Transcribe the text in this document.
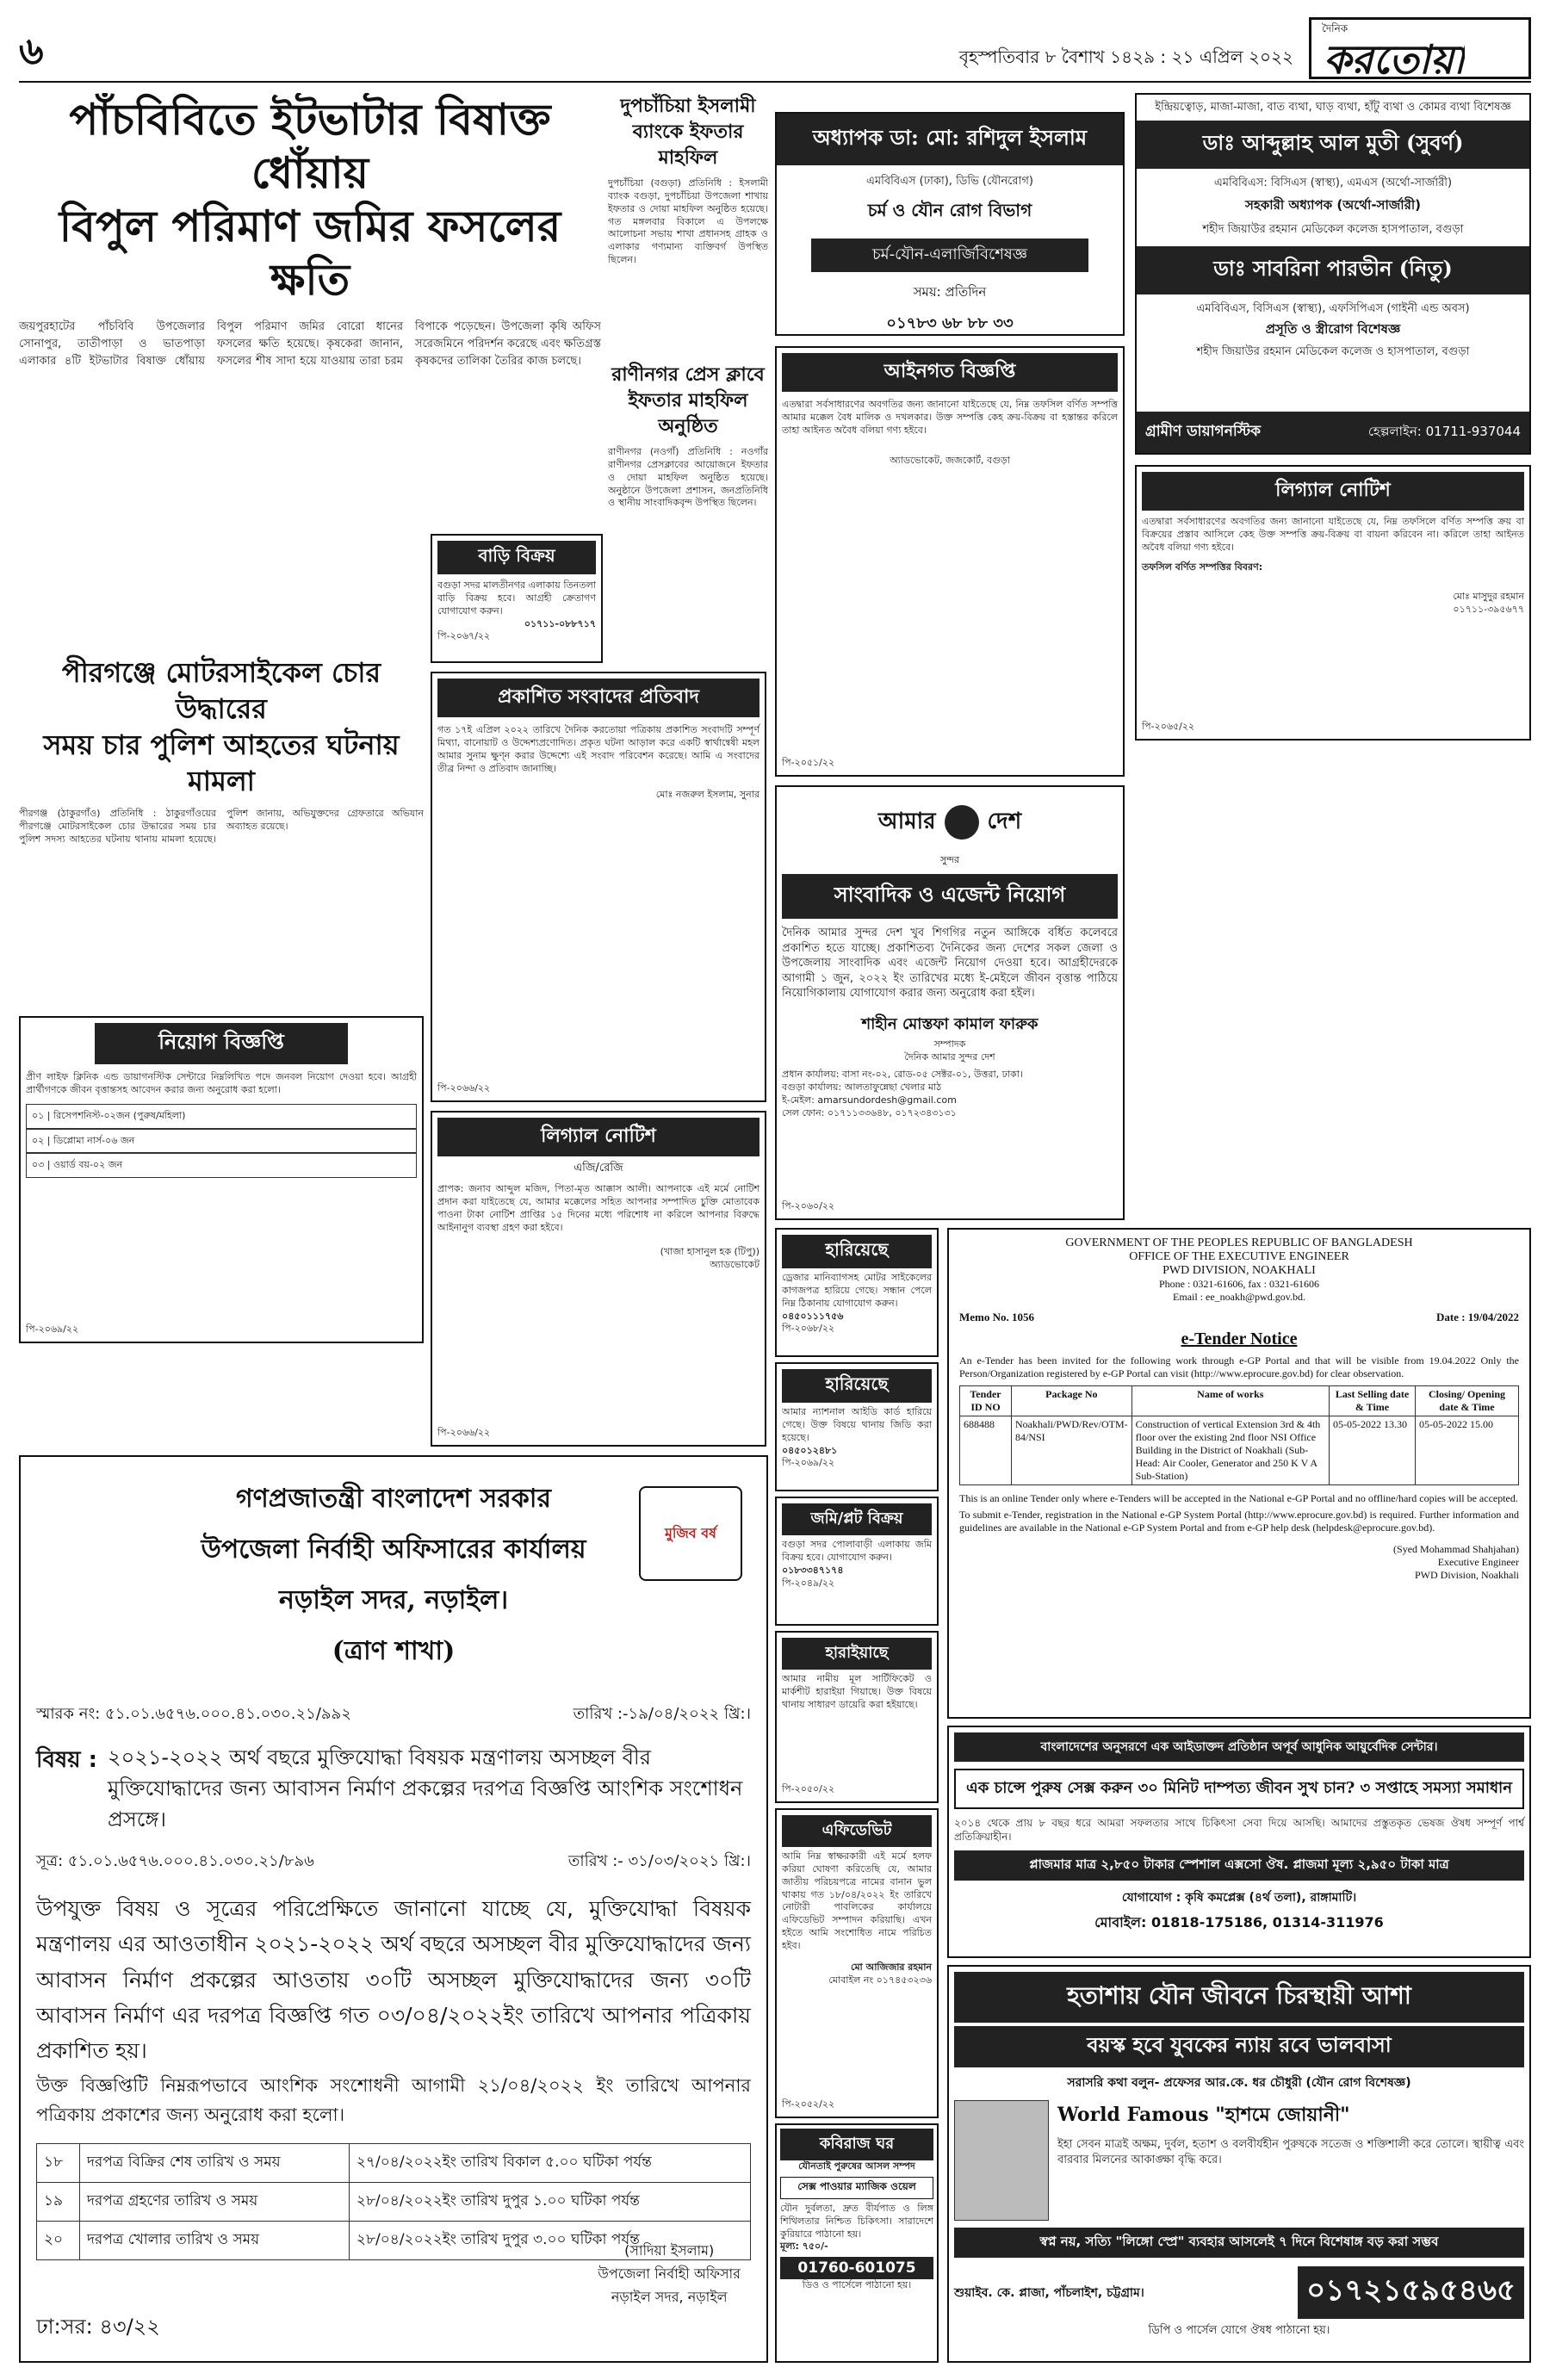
৬	বৃহস্পতিবার ৮ বৈশাখ ১৪২৯ : ২১ এপ্রিল ২০২২
দৈনিক
করতোয়া
পাঁচবিবিতে ইটভাটার বিষাক্ত ধোঁয়ায়
বিপুল পরিমাণ জমির ফসলের ক্ষতি
জয়পুরহাটের পাঁচবিবি উপজেলার সোনাপুর, তাতীপাড়া ও ভাতপাড়া এলাকার ৪টি ইটভাটার বিষাক্ত ধোঁয়ায় বিপুল পরিমাণ জমির বোরো ধানের ফসলের ক্ষতি হয়েছে। কৃষকেরা জানান, ফসলের শীষ সাদা হয়ে যাওয়ায় তারা চরম বিপাকে পড়েছেন। উপজেলা কৃষি অফিস সরেজমিনে পরিদর্শন করেছে এবং ক্ষতিগ্রস্ত কৃষকদের তালিকা তৈরির কাজ চলছে।
দুপচাঁচিয়া ইসলামী ব্যাংকে ইফতার মাহফিল
দুপচাঁচিয়া (বগুড়া) প্রতিনিধি : ইসলামী ব্যাংক বগুড়া, দুপচাঁচিয়া উপজেলা শাখায় ইফতার ও দোয়া মাহফিল অনুষ্ঠিত হয়েছে। গত মঙ্গলবার বিকালে এ উপলক্ষে আলোচনা সভায় শাখা প্রধানসহ গ্রাহক ও এলাকার গণ্যমান্য ব্যক্তিবর্গ উপস্থিত ছিলেন।
রাণীনগর প্রেস ক্লাবে ইফতার মাহফিল অনুষ্ঠিত
রাণীনগর (নওগাঁ) প্রতিনিধি : নওগাঁর রাণীনগর প্রেসক্লাবের আয়োজনে ইফতার ও দোয়া মাহফিল অনুষ্ঠিত হয়েছে। অনুষ্ঠানে উপজেলা প্রশাসন, জনপ্রতিনিধি ও স্থানীয় সাংবাদিকবৃন্দ উপস্থিত ছিলেন।
অধ্যাপক ডা: মো: রশিদুল ইসলাম
এমবিবিএস (ঢাকা), ডিভি (যৌনরোগ)
চর্ম ও যৌন রোগ বিভাগ
চর্ম-যৌন-এলার্জিবিশেষজ্ঞ
সময়: প্রতিদিন
০১৭৮৩ ৬৮ ৮৮ ৩৩
ইন্দ্রিয়ত্বোড়, মাজা-মাজা, বাত ব্যথা, ঘাড় ব্যথা, হাঁটু ব্যথা ও কোমর ব্যথা বিশেষজ্ঞ
ডাঃ আব্দুল্লাহ আল মুতী (সুবর্ণ)
এমবিবিএস: বিসিএস (স্বাস্থ্য), এমএস (অর্থো-সার্জারী)
সহকারী অধ্যাপক (অর্থো-সার্জারী)
শহীদ জিয়াউর রহমান মেডিকেল কলেজ হাসপাতাল, বগুড়া
ডাঃ সাবরিনা পারভীন (নিতু)
এমবিবিএস, বিসিএস (স্বাস্থ্য), এফসিপিএস (গাইনী এন্ড অবস)
প্রসূতি ও স্ত্রীরোগ বিশেষজ্ঞ
শহীদ জিয়াউর রহমান মেডিকেল কলেজ ও হাসপাতাল, বগুড়া
গ্রামীণ ডায়াগনস্টিক	হেল্পলাইন: 01711-937044
আইনগত বিজ্ঞপ্তি
এতদ্বারা সর্বসাধারণের অবগতির জন্য জানানো যাইতেছে যে, নিম্ন তফসিল বর্ণিত সম্পত্তি আমার মক্কেল বৈধ মালিক ও দখলকার। উক্ত সম্পত্তি কেহ ক্রয়-বিক্রয় বা হস্তান্তর করিলে তাহা আইনত অবৈধ বলিয়া গণ্য হইবে।
অ্যাডভোকেট, জজকোর্ট, বগুড়া
পি-২০৫১/২২
লিগ্যাল নোটিশ
এতদ্বারা সর্বসাধারণের অবগতির জন্য জানানো যাইতেছে যে, নিম্ন তফসিলে বর্ণিত সম্পত্তি ক্রয় বা বিক্রয়ের প্রস্তাব আসিলে কেহ উক্ত সম্পত্তি ক্রয়-বিক্রয় বা বায়না করিবেন না। করিলে তাহা আইনত অবৈধ বলিয়া গণ্য হইবে।
তফসিল বর্ণিত সম্পত্তির বিবরণ:
মোঃ মাসুদুর রহমান
০১৭১১-৩৯৫৬৭৭
পি-২০৬৫/২২
পীরগঞ্জে মোটরসাইকেল চোর উদ্ধারের
সময় চার পুলিশ আহতের ঘটনায় মামলা
পীরগঞ্জ (ঠাকুরগাঁও) প্রতিনিধি : ঠাকুরগাঁওয়ের পীরগঞ্জে মোটরসাইকেল চোর উদ্ধারের সময় চার পুলিশ সদস্য আহতের ঘটনায় থানায় মামলা হয়েছে। পুলিশ জানায়, অভিযুক্তদের গ্রেফতারে অভিযান অব্যাহত রয়েছে।
বাড়ি বিক্রয়
বগুড়া সদর মালতীনগর এলাকায় তিনতলা বাড়ি বিক্রয় হবে। আগ্রহী ক্রেতাগণ যোগাযোগ করুন।
০১৭১১-০৮৮৭১৭
পি-২০৬৭/২২
প্রকাশিত সংবাদের প্রতিবাদ
গত ১৭ই এপ্রিল ২০২২ তারিখে দৈনিক করতোয়া পত্রিকায় প্রকাশিত সংবাদটি সম্পূর্ণ মিথ্যা, বানোয়াট ও উদ্দেশ্যপ্রণোদিত। প্রকৃত ঘটনা আড়াল করে একটি স্বার্থান্বেষী মহল আমার সুনাম ক্ষুণ্ন করার উদ্দেশ্যে এই সংবাদ পরিবেশন করেছে। আমি এ সংবাদের তীব্র নিন্দা ও প্রতিবাদ জানাচ্ছি।
মোঃ নজরুল ইসলাম, সুনার
পি-২০৬৬/২২
নিয়োগ বিজ্ঞপ্তি
প্রীণ লাইফ ক্লিনিক এন্ড ডায়াগনস্টিক সেন্টারে নিম্নলিখিত পদে জনবল নিয়োগ দেওয়া হবে। আগ্রহী প্রার্থীগণকে জীবন বৃত্তান্তসহ আবেদন করার জন্য অনুরোধ করা হলো।
০১ | রিসেপশনিস্ট-০২জন (পুরুষ/মহিলা)
০২ | ডিপ্লোমা নার্স-০৬ জন
০৩ | ওয়ার্ড বয়-০২ জন
পি-২০৬৯/২২
লিগ্যাল নোটিশ
এজি/রেজি
প্রাপক: জনাব আব্দুল মজিদ, পিতা-মৃত আক্কাস আলী। আপনাকে এই মর্মে নোটিশ প্রদান করা যাইতেছে যে, আমার মক্কেলের সহিত আপনার সম্পাদিত চুক্তি মোতাবেক পাওনা টাকা নোটিশ প্রাপ্তির ১৫ দিনের মধ্যে পরিশোধ না করিলে আপনার বিরুদ্ধে আইনানুগ ব্যবস্থা গ্রহণ করা হইবে।
(খাজা হাসানুল হক (টিপু))
অ্যাডভোকেট
পি-২০৬৬/২২
আমার দেশ
সুন্দর
সাংবাদিক ও এজেন্ট নিয়োগ
দৈনিক আমার সুন্দর দেশ খুব শিগগির নতুন আঙ্গিকে বর্ধিত কলেবরে প্রকাশিত হতে যাচ্ছে। প্রকাশিতব্য দৈনিকের জন্য দেশের সকল জেলা ও উপজেলায় সাংবাদিক এবং এজেন্ট নিয়োগ দেওয়া হবে। আগ্রহীদেরকে আগামী ১ জুন, ২০২২ ইং তারিখের মধ্যে ই-মেইলে জীবন বৃত্তান্ত পাঠিয়ে নিয়োগিকালায় যোগাযোগ করার জন্য অনুরোধ করা হইল।
শাহীন মোস্তফা কামাল ফারুক
সম্পাদক
দৈনিক আমার সুন্দর দেশ
প্রধান কার্যালয়: বাসা নং-০২, রোড-০৫ সেক্টর-০১, উত্তরা, ঢাকা।
বগুড়া কার্যালয়: আলতাফুন্নেছা খেলার মাঠ
ই-মেইল: amarsundordesh@gmail.com
সেল ফোন: ০১৭১১৩৩৬৪৮, ০১৭২৩৪৩১৩১
পি-২০৬০/২২
হারিয়েছে
ড্রেজার মানিব্যাগসহ মোটর সাইকেলের কাগজপত্র হারিয়ে গেছে। সন্ধান পেলে নিম্ন ঠিকানায় যোগাযোগ করুন।
০৪৫০১১১৭৫৬
পি-২০৬৮/২২
হারিয়েছে
আমার ন্যাশনাল আইডি কার্ড হারিয়ে গেছে। উক্ত বিষয়ে থানায় জিডি করা হয়েছে।
০৪৫০১২৪৮১
পি-২০৬৯/২২
জমি/প্লট বিক্রয়
বগুড়া সদর পোলাবাড়ী এলাকায় জমি বিক্রয় হবে। যোগাযোগ করুন।
০১৮৩৩৪৭১৭৪
পি-২০৪৯/২২
হারাইয়াছে
আমার নামীয় মূল সার্টিফিকেট ও মার্কশীট হারাইয়া গিয়াছে। উক্ত বিষয়ে থানায় সাধারণ ডায়েরি করা হইয়াছে।
পি-২০৫০/২২
এফিডেভিট
আমি নিম্ন স্বাক্ষরকারী এই মর্মে হলফ করিয়া ঘোষণা করিতেছি যে, আমার জাতীয় পরিচয়পত্রে নামের বানান ভুল থাকায় গত ১৮/০৪/২০২২ ইং তারিখে নোটারী পাবলিকের কার্যালয়ে এফিডেভিট সম্পাদন করিয়াছি। এখন হইতে আমি সংশোধিত নামে পরিচিত হইব।
মো আজিজার রহমান
মোবাইল নং ০১৭৪৫৩২৩৬
পি-২০৫২/২২
কবিরাজ ঘর
যৌনতাই পুরুষের আসল সম্পদ
সেক্স পাওয়ার ম্যাজিক ওয়েল
যৌন দুর্বলতা, দ্রুত বীর্যপাত ও লিঙ্গ শিথিলতার নিশ্চিত চিকিৎসা। সারাদেশে কুরিয়ারে পাঠানো হয়।
মূল্য: ৭৫০/-
01760-601075
ডিও ও পার্সেলে পাঠানো হয়।
GOVERNMENT OF THE PEOPLES REPUBLIC OF BANGLADESH
OFFICE OF THE EXECUTIVE ENGINEER
PWD DIVISION, NOAKHALI
Phone : 0321-61606, fax : 0321-61606
Email : ee_noakh@pwd.gov.bd.
Memo No. 1056	Date : 19/04/2022
e-Tender Notice
An e-Tender has been invited for the following work through e-GP Portal and that will be visible from 19.04.2022 Only the Person/Organization registered by e-GP Portal can visit (http://www.eprocure.gov.bd) for clear observation.
Tender ID NO	Package No	Name of works	Last Selling date & Time	Closing/ Opening date & Time
688488	Noakhali/PWD/Rev/OTM-84/NSI	Construction of vertical Extension 3rd & 4th floor over the existing 2nd floor NSI Office Building in the District of Noakhali (Sub-Head: Air Cooler, Generator and 250 K V A Sub-Station)	05-05-2022 13.30	05-05-2022 15.00
This is an online Tender only where e-Tenders will be accepted in the National e-GP Portal and no offline/hard copies will be accepted.
To submit e-Tender, registration in the National e-GP System Portal (http://www.eprocure.gov.bd) is required. Further information and guidelines are available in the National e-GP System Portal and from e-GP help desk (helpdesk@eprocure.gov.bd).
(Syed Mohammad Shahjahan)
Executive Engineer
PWD Division, Noakhali
বাংলাদেশের অনুসরণে এক আইডাক্তদ প্রতিষ্ঠান অপূর্ব আধুনিক আয়ুর্বেদিক সেন্টার।
এক চান্সে পুরুষ সেক্স করুন ৩০ মিনিট দাম্পত্য জীবন সুখ চান? ৩ সপ্তাহে সমস্যা সমাধান
২০১৪ থেকে প্রায় ৮ বছর ধরে আমরা সফলতার সাথে চিকিৎসা সেবা দিয়ে আসছি। আমাদের প্রস্তুতকৃত ভেষজ ঔষধ সম্পূর্ণ পার্শ্ব প্রতিক্রিয়াহীন।
প্লাজমার মাত্র ২,৮৫০ টাকার স্পেশাল এক্সসো ঔষ. প্লাজমা মূল্য ২,৯৫০ টাকা মাত্র
যোগাযোগ : কৃষি কমপ্লেক্স (৪র্থ তলা), রাঙ্গামাটি।
মোবাইল: 01818-175186, 01314-311976
হতাশায় যৌন জীবনে চিরস্থায়ী আশা
বয়স্ক হবে যুবকের ন্যায় রবে ভালবাসা
সরাসরি কথা বলুন- প্রফেসর আর.কে. ধর চৌধুরী (যৌন রোগ বিশেষজ্ঞ)
World Famous "হাশমে জোয়ানী"
ইহা সেবন মাত্রই অক্ষম, দুর্বল, হতাশ ও বলবীর্যহীন পুরুষকে সতেজ ও শক্তিশালী করে তোলে। স্থায়ীত্ব এবং বারবার মিলনের আকাঙ্ক্ষা বৃদ্ধি করে।
স্বপ্ন নয়, সত্যি "লিঙ্গো স্প্রে" ব্যবহার আসলেই ৭ দিনে বিশেষাঙ্গ বড় করা সম্ভব
শুয়াইব. কে. প্লাজা, পাঁচলাইশ, চট্টগ্রাম।	০১৭২১৫৯৫৪৬৫
ডিপি ও পার্সেল যোগে ঔষধ পাঠানো হয়।
গণপ্রজাতন্ত্রী বাংলাদেশ সরকার
উপজেলা নির্বাহী অফিসারের কার্যালয়
নড়াইল সদর, নড়াইল।
(ত্রাণ শাখা)
মুজিব বর্ষ
স্মারক নং: ৫১.০১.৬৫৭৬.০০০.৪১.০৩০.২১/৯৯২	তারিখ :-১৯/০৪/২০২২ খ্রি:।
বিষয় : ২০২১-২০২২ অর্থ বছরে মুক্তিযোদ্ধা বিষয়ক মন্ত্রণালয় অসচ্ছল বীর মুক্তিযোদ্ধাদের জন্য আবাসন নির্মাণ প্রকল্পের দরপত্র বিজ্ঞপ্তি আংশিক সংশোধন প্রসঙ্গে।
সূত্র: ৫১.০১.৬৫৭৬.০০০.৪১.০৩০.২১/৮৯৬	তারিখ :- ৩১/০৩/২০২১ খ্রি:।
উপযুক্ত বিষয় ও সূত্রের পরিপ্রেক্ষিতে জানানো যাচ্ছে যে, মুক্তিযোদ্ধা বিষয়ক মন্ত্রণালয় এর আওতাধীন ২০২১-২০২২ অর্থ বছরে অসচ্ছল বীর মুক্তিযোদ্ধাদের জন্য আবাসন নির্মাণ প্রকল্পের আওতায় ৩০টি অসচ্ছল মুক্তিযোদ্ধাদের জন্য ৩০টি আবাসন নির্মাণ এর দরপত্র বিজ্ঞপ্তি গত ০৩/০৪/২০২২ইং তারিখে আপনার পত্রিকায় প্রকাশিত হয়।
উক্ত বিজ্ঞপ্তিটি নিম্নরূপভাবে আংশিক সংশোধনী আগামী ২১/০৪/২০২২ ইং তারিখে আপনার পত্রিকায় প্রকাশের জন্য অনুরোধ করা হলো।
১৮	দরপত্র বিক্রির শেষ তারিখ ও সময়	২৭/০৪/২০২২ইং তারিখ বিকাল ৫.০০ ঘটিকা পর্যন্ত
১৯	দরপত্র গ্রহণের তারিখ ও সময়	২৮/০৪/২০২২ইং তারিখ দুপুর ১.০০ ঘটিকা পর্যন্ত
২০	দরপত্র খোলার তারিখ ও সময়	২৮/০৪/২০২২ইং তারিখ দুপুর ৩.০০ ঘটিকা পর্যন্ত
(সাদিয়া ইসলাম)
উপজেলা নির্বাহী অফিসার
নড়াইল সদর, নড়াইল
ঢা:সর: ৪৩/২২
